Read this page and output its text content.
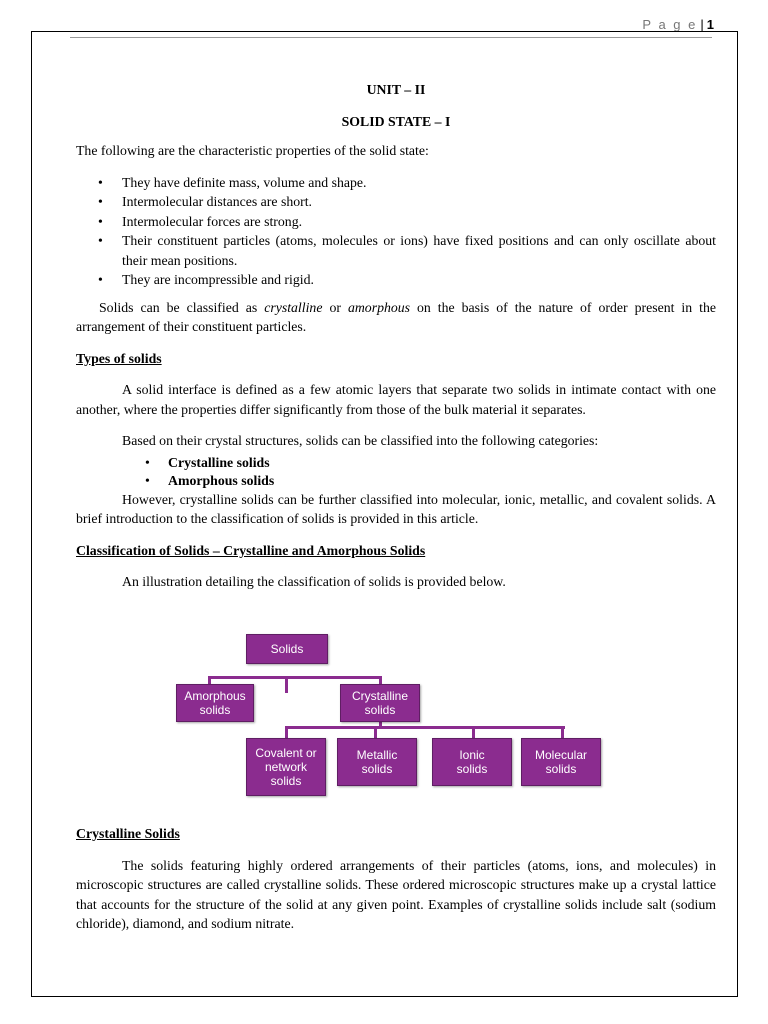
P a g e | 1
UNIT – II
SOLID STATE – I

The following are the characteristic properties of the solid state:

• They have definite mass, volume and shape.
• Intermolecular distances are short.
• Intermolecular forces are strong.
• Their constituent particles (atoms, molecules or ions) have fixed positions and can only oscillate about their mean positions.
• They are incompressible and rigid.

Solids can be classified as crystalline or amorphous on the basis of the nature of order present in the arrangement of their constituent particles.

Types of solids

A solid interface is defined as a few atomic layers that separate two solids in intimate contact with one another, where the properties differ significantly from those of the bulk material it separates.

Based on their crystal structures, solids can be classified into the following categories:

• Crystalline solids
• Amorphous solids

However, crystalline solids can be further classified into molecular, ionic, metallic, and covalent solids. A brief introduction to the classification of solids is provided in this article.

Classification of Solids – Crystalline and Amorphous Solids

An illustration detailing the classification of solids is provided below.

Solids
Amorphous
solids
Crystalline
solids
Covalent or
network
solids
Metallic
solids
Ionic
solids
Molecular
solids
Crystalline Solids

The solids featuring highly ordered arrangements of their particles (atoms, ions, and molecules) in microscopic structures are called crystalline solids. These ordered microscopic structures make up a crystal lattice that accounts for the structure of the solid at any given point. Examples of crystalline solids include salt (sodium chloride), diamond, and sodium nitrate.
